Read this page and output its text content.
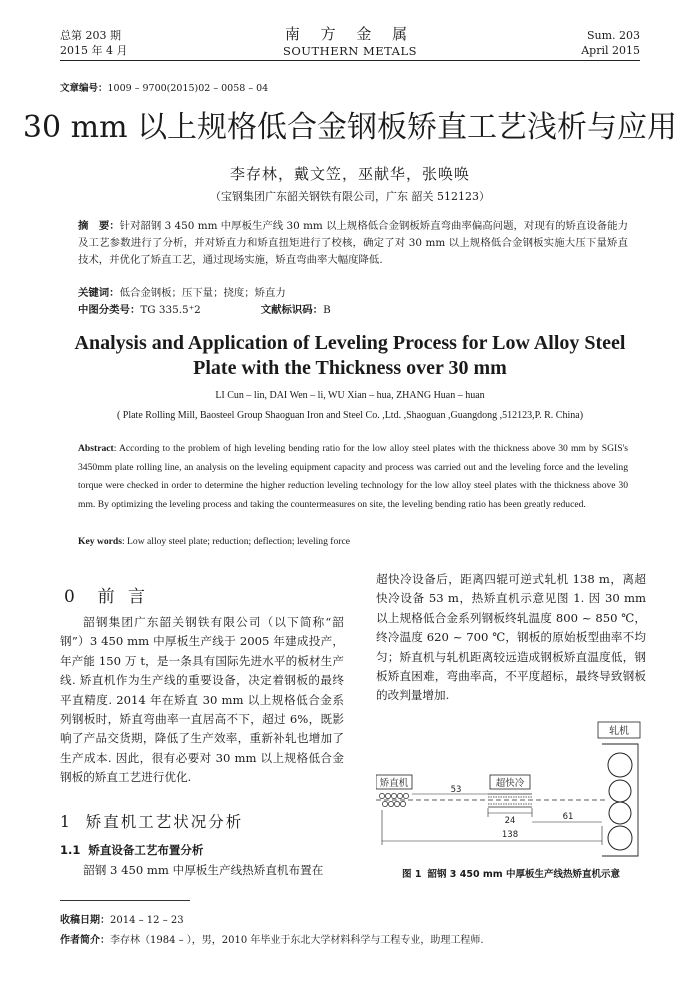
总第 203 期
2015 年 4 月
南 方 金 属
SOUTHERN METALS
Sum. 203
April 2015
文章编号：1009 – 9700(2015)02 – 0058 – 04
30 mm 以上规格低合金钢板矫直工艺浅析与应用
李存林，戴文笠，巫献华，张唤唤
（宝钢集团广东韶关钢铁有限公司，广东 韶关 512123）
摘　要：针对韶钢 3 450 mm 中厚板生产线 30 mm 以上规格低合金钢板矫直弯曲率偏高问题，对现有的矫直设备能力及工艺参数进行了分析，并对矫直力和矫直扭矩进行了校核，确定了对 30 mm 以上规格低合金钢板实施大压下量矫直技术，并优化了矫直工艺，通过现场实施，矫直弯曲率大幅度降低.
关键词：低合金钢板；压下量；挠度；矫直力
中图分类号：TG 335.5⁺2	文献标识码：B
Analysis and Application of Leveling Process for Low Alloy Steel Plate with the Thickness over 30 mm
LI Cun – lin, DAI Wen – li, WU Xian – hua, ZHANG Huan – huan
( Plate Rolling Mill, Baosteel Group Shaoguan Iron and Steel Co. ,Ltd. ,Shaoguan ,Guangdong ,512123,P. R. China)
Abstract: According to the problem of high leveling bending ratio for the low alloy steel plates with the thickness above 30 mm by SGIS's 3450mm plate rolling line, an analysis on the leveling equipment capacity and process was carried out and the leveling force and the leveling torque were checked in order to determine the higher reduction leveling technology for the low alloy steel plates with the thickness above 30 mm. By optimizing the leveling process and taking the countermeasures on site, the leveling bending ratio has been greatly reduced.
Key words: Low alloy steel plate; reduction; deflection; leveling force
0 前 言

韶钢集团广东韶关钢铁有限公司（以下简称“韶钢”）3 450 mm 中厚板生产线于 2005 年建成投产，年产能 150 万 t，是一条具有国际先进水平的板材生产线. 矫直机作为生产线的重要设备，决定着钢板的最终平直精度. 2014 年在矫直 30 mm 以上规格低合金系列钢板时，矫直弯曲率一直居高不下，超过 6%，既影响了产品交货期，降低了生产效率，重新补轧也增加了生产成本. 因此，很有必要对 30 mm 以上规格低合金钢板的矫直工艺进行优化.

1 矫直机工艺状况分析
1.1 矫直设备工艺布置分析
韶钢 3 450 mm 中厚板生产线热矫直机布置在
超快冷设备后，距离四辊可逆式轧机 138 m，离超快冷设备 53 m，热矫直机示意见图 1. 因 30 mm 以上规格低合金系列钢板终轧温度 800 ~ 850 ℃，终冷温度 620 ~ 700 ℃，钢板的原始板型曲率不均匀；矫直机与轧机距离较远造成钢板矫直温度低，钢板矫直困难，弯曲率高，不平度超标，最终导致钢板的改判量增加.
轧机
矫直机	超快冷
53
24	61
138
图 1 韶钢 3 450 mm 中厚板生产线热矫直机示意
收稿日期：2014 – 12 – 23
作者简介：李存林（1984 – ），男，2010 年毕业于东北大学材料科学与工程专业，助理工程师.
